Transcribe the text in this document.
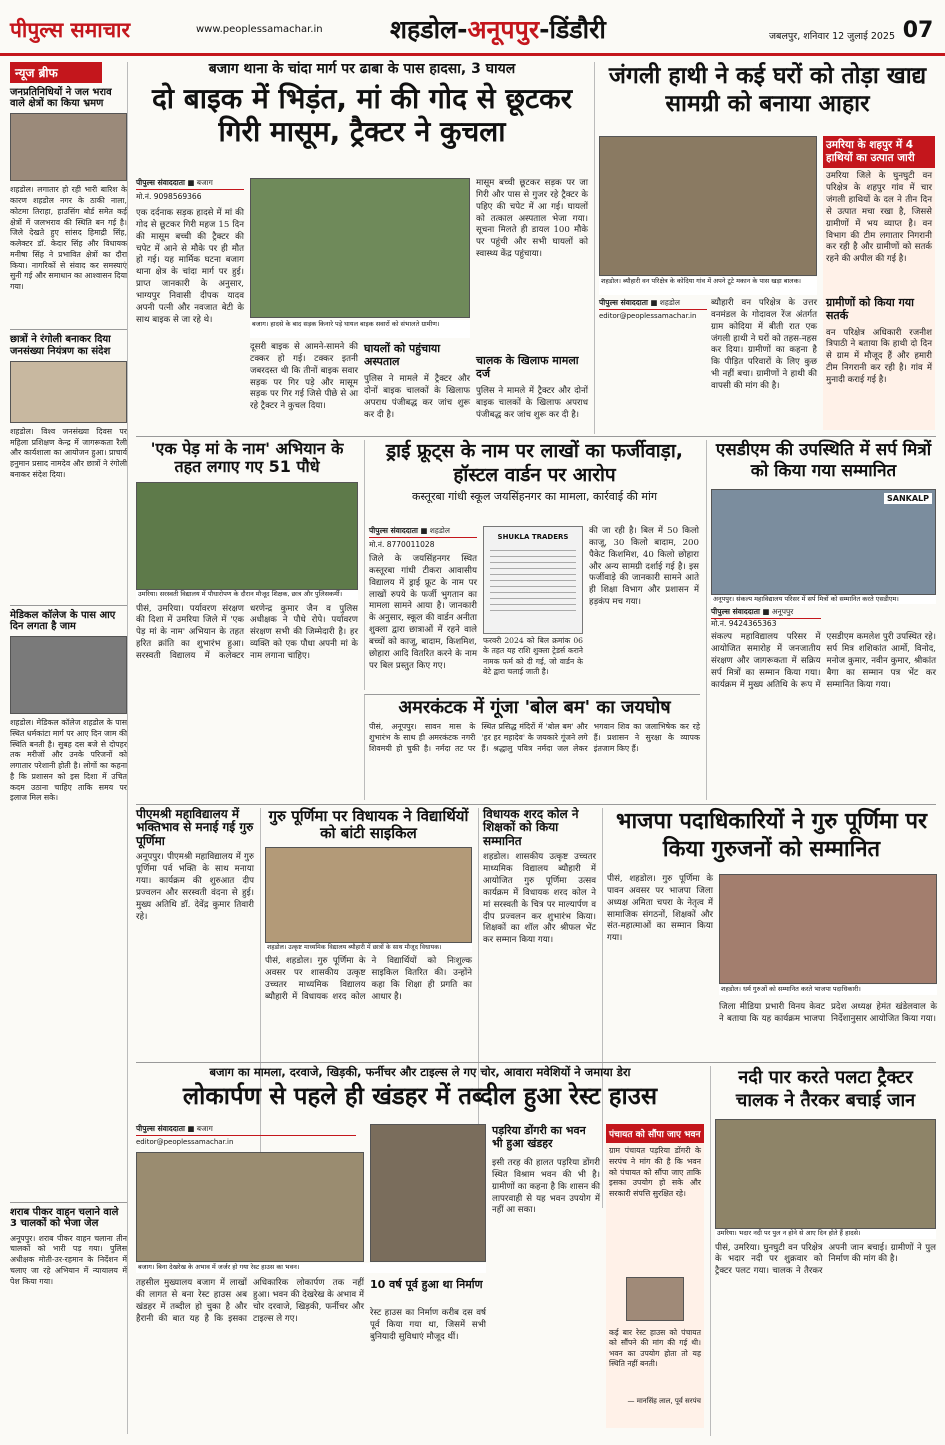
पीपुल्स समाचार	www.peoplessamachar.in	शहडोल-अनूपपुर-डिंडौरी	जबलपुर, शनिवार 12 जुलाई 2025 07
न्यूज ब्रीफ
जनप्रतिनिधियों ने जल भराव वाले क्षेत्रों का किया भ्रमण
शहडोल। लगातार हो रही भारी बारिश के कारण शहडोल नगर के ठाकी नाला, कोटमा तिराहा, हाउसिंग बोर्ड समेत कई क्षेत्रों में जलभराव की स्थिति बन गई है। जिले देखते हुए सांसद हिमाद्री सिंह, कलेक्टर डॉ. केदार सिंह और विधायक मनीषा सिंह ने प्रभावित क्षेत्रों का दौरा किया। नागरिकों से संवाद कर समस्याएं सुनी गई और समाधान का आश्वासन दिया गया।
छात्रों ने रंगोली बनाकर दिया जनसंख्या नियंत्रण का संदेश
शहडोल। विश्व जनसंख्या दिवस पर महिला प्रशिक्षण केन्द्र में जागरूकता रैली और कार्यशाला का आयोजन हुआ। प्राचार्य हनुमान प्रसाद नामदेव और छात्रों ने रंगोली बनाकर संदेश दिया।
मेडिकल कॉलेज के पास आए दिन लगता है जाम
शहडोल। मेडिकल कॉलेज शहडोल के पास स्थित धर्मकांटा मार्ग पर आए दिन जाम की स्थिति बनती है। सुबह दस बजे से दोपहर तक मरीजों और उनके परिजनों को लगातार परेशानी होती है। लोगों का कहना है कि प्रशासन को इस दिशा में उचित कदम उठाना चाहिए ताकि समय पर इलाज मिल सके।
शराब पीकर वाहन चलाने वाले 3 चालकों को भेजा जेल
अनूपपुर। शराब पीकर वाहन चलाना तीन चालकों को भारी पड़ गया। पुलिस अधीक्षक मोती-उर-रहमान के निर्देशन में चलाए जा रहे अभियान में न्यायालय में पेश किया गया।
बजाग थाना के चांदा मार्ग पर ढाबा के पास हादसा, 3 घायल
दो बाइक में भिड़ंत, मां की गोद से छूटकर गिरी मासूम, ट्रैक्टर ने कुचला
पीपुल्स संवाददाता ■ बजाग
मो.नं. 9098569366
एक दर्दनाक सड़क हादसे में मां की गोद से छूटकर गिरी महज 15 दिन की मासूम बच्ची की ट्रैक्टर की चपेट में आने से मौके पर ही मौत हो गई। यह मार्मिक घटना बजाग थाना क्षेत्र के चांदा मार्ग पर हुई। प्राप्त जानकारी के अनुसार, भाग्यपुर निवासी दीपक यादव अपनी पत्नी और नवजात बेटी के साथ बाइक से जा रहे थे।	बजाग। हादसे के बाद सड़क किनारे पड़े घायल बाइक सवारों को संभालते ग्रामीण।
दूसरी बाइक से आमने-सामने की टक्कर हो गई। टक्कर इतनी जबरदस्त थी कि तीनों बाइक सवार सड़क पर गिर पड़े और मासूम सड़क पर गिर गई जिसे पीछे से आ रहे ट्रैक्टर ने कुचल दिया।
घायलों को पहुंचाया अस्पताल
पुलिस ने मामले में ट्रैक्टर और दोनों बाइक चालकों के खिलाफ अपराध पंजीबद्ध कर जांच शुरू कर दी है।
मासूम बच्ची छूटकर सड़क पर जा गिरी और पास से गुजर रहे ट्रैक्टर के पहिए की चपेट में आ गई। घायलों को तत्काल अस्पताल भेजा गया। सूचना मिलते ही डायल 100 मौके पर पहुंची और सभी घायलों को स्वास्थ्य केंद्र पहुंचाया।
चालक के खिलाफ मामला दर्ज
पुलिस ने मामले में ट्रैक्टर और दोनों बाइक चालकों के खिलाफ अपराध पंजीबद्ध कर जांच शुरू कर दी है।
जंगली हाथी ने कई घरों को तोड़ा खाद्य सामग्री को बनाया आहार
शहडोल। ब्यौहारी वन परिक्षेत्र के कोदिया गांव में अपने टूटे मकान के पास खड़ा बालक।
पीपुल्स संवाददाता ■ शहडोल
editor@peoplessamachar.in
ब्यौहारी वन परिक्षेत्र के उत्तर वनमंडल के गोदावल रेंज अंतर्गत ग्राम कोदिया में बीती रात एक जंगली हाथी ने घरों को तहस-नहस कर दिया। ग्रामीणों का कहना है कि पीड़ित परिवारों के लिए कुछ भी नहीं बचा। ग्रामीणों ने हाथी की वापसी की मांग की है।
उमरिया के शहपुर में 4 हाथियों का उत्पात जारी
उमरिया जिले के घुनघुटी वन परिक्षेत्र के शहपुर गांव में चार जंगली हाथियों के दल ने तीन दिन से उत्पात मचा रखा है, जिससे ग्रामीणों में भय व्याप्त है। वन विभाग की टीम लगातार निगरानी कर रही है और ग्रामीणों को सतर्क रहने की अपील की गई है।
ग्रामीणों को किया गया सतर्क
वन परिक्षेत्र अधिकारी रजनीश त्रिपाठी ने बताया कि हाथी दो दिन से ग्राम में मौजूद हैं और हमारी टीम निगरानी कर रही है। गांव में मुनादी कराई गई है।
'एक पेड़ मां के नाम' अभियान के तहत लगाए गए 51 पौधे
उमरिया। सरस्वती विद्यालय में पौधारोपण के दौरान मौजूद शिक्षक, छात्र और पुलिसकर्मी।
पीसं, उमरिया। पर्यावरण संरक्षण की दिशा में उमरिया जिले में 'एक पेड़ मां के नाम' अभियान के तहत हरित क्रांति का शुभारंभ हुआ। सरस्वती विद्यालय में कलेक्टर धरणेन्द्र कुमार जैन व पुलिस अधीक्षक ने पौधे रोपे। पर्यावरण संरक्षण सभी की जिम्मेदारी है। हर व्यक्ति को एक पौधा अपनी मां के नाम लगाना चाहिए।
ड्राई फ्रूट्स के नाम पर लाखों का फर्जीवाड़ा, हॉस्टल वार्डन पर आरोप
कस्तूरबा गांधी स्कूल जयसिंहनगर का मामला, कार्रवाई की मांग
पीपुल्स संवाददाता ■ शहडोल
मो.नं. 8770011028
जिले के जयसिंहनगर स्थित कस्तूरबा गांधी टीकरा आवासीय विद्यालय में ड्राई फ्रूट के नाम पर लाखों रुपये के फर्जी भुगतान का मामला सामने आया है। जानकारी के अनुसार, स्कूल की वार्डन अनीता शुक्ला द्वारा छात्राओं में रहने वाले बच्चों को काजू, बादाम, किशमिश, छोहारा आदि वितरित करने के नाम पर बिल प्रस्तुत किए गए।
SHUKLA TRADERS
फरवरी 2024 को बिल क्रमांक 06 के तहत यह राशि शुक्ला ट्रेडर्स कराने नामक फर्म को दी गई, जो वार्डन के बेटे द्वारा चलाई जाती है।
की जा रही है। बिल में 50 किलो काजू, 30 किलो बादाम, 200 पैकेट किशमिश, 40 किलो छोहारा और अन्य सामग्री दर्शाई गई है। इस फर्जीवाड़े की जानकारी सामने आते ही शिक्षा विभाग और प्रशासन में हड़कंप मच गया।
एसडीएम की उपस्थिति में सर्प मित्रों को किया गया सम्मानित
SANKALP
अनूपपुर। संकल्प महाविद्यालय परिसर में सर्प मित्रों को सम्मानित करते एसडीएम।
पीपुल्स संवाददाता ■ अनूपपुर
मो.नं. 9424365363
संकल्प महाविद्यालय परिसर में आयोजित समारोह में जनजातीय संरक्षण और जागरूकता में सक्रिय सर्प मित्रों का सम्मान किया गया। कार्यक्रम में मुख्य अतिथि के रूप में एसडीएम कमलेश पुरी उपस्थित रहे। सर्प मित्र शशिकांत आर्मो, विनोद, मनोज कुमार, नवीन कुमार, श्रीकांत बैगा का सम्मान पत्र भेंट कर सम्मानित किया गया।
अमरकंटक में गूंजा 'बोल बम' का जयघोष
पीसं, अनूपपुर। सावन मास के शुभारंभ के साथ ही अमरकंटक नगरी शिवमयी हो चुकी है। नर्मदा तट पर स्थित प्रसिद्ध मंदिरों में 'बोल बम' और 'हर हर महादेव' के जयकारे गूंजने लगे हैं। श्रद्धालु पवित्र नर्मदा जल लेकर भगवान शिव का जलाभिषेक कर रहे हैं। प्रशासन ने सुरक्षा के व्यापक इंतजाम किए हैं।
पीएमश्री महाविद्यालय में भक्तिभाव से मनाई गई गुरु पूर्णिमा
अनूपपुर। पीएमश्री महाविद्यालय में गुरु पूर्णिमा पर्व भक्ति के साथ मनाया गया। कार्यक्रम की शुरुआत दीप प्रज्वलन और सरस्वती वंदना से हुई। मुख्य अतिथि डॉ. देवेंद्र कुमार तिवारी रहे।
गुरु पूर्णिमा पर विधायक ने विद्यार्थियों को बांटी साइकिल
शहडोल। उत्कृष्ट माध्यमिक विद्यालय ब्यौहारी में छात्रों के साथ मौजूद विधायक।
पीसं, शहडोल। गुरु पूर्णिमा के अवसर पर शासकीय उत्कृष्ट उच्चतर माध्यमिक विद्यालय ब्यौहारी में विधायक शरद कोल ने विद्यार्थियों को निःशुल्क साइकिल वितरित की। उन्होंने कहा कि शिक्षा ही प्रगति का आधार है।
विधायक शरद कोल ने शिक्षकों को किया सम्मानित
शहडोल। शासकीय उत्कृष्ट उच्चतर माध्यमिक विद्यालय ब्यौहारी में आयोजित गुरु पूर्णिमा उत्सव कार्यक्रम में विधायक शरद कोल ने मां सरस्वती के चित्र पर माल्यार्पण व दीप प्रज्वलन कर शुभारंभ किया। शिक्षकों का शॉल और श्रीफल भेंट कर सम्मान किया गया।
भाजपा पदाधिकारियों ने गुरु पूर्णिमा पर किया गुरुजनों को सम्मानित
पीसं, शहडोल। गुरु पूर्णिमा के पावन अवसर पर भाजपा जिला अध्यक्ष अमिता चपरा के नेतृत्व में सामाजिक संगठनों, शिक्षकों और संत-महात्माओं का सम्मान किया गया।
शहडोल। धर्म गुरुओं को सम्मानित करते भाजपा पदाधिकारी।
जिला मीडिया प्रभारी विनय केवट ने बताया कि यह कार्यक्रम भाजपा प्रदेश अध्यक्ष हेमंत खंडेलवाल के निर्देशानुसार आयोजित किया गया।
बजाग का मामला, दरवाजे, खिड़की, फर्नीचर और टाइल्स ले गए चोर, आवारा मवेशियों ने जमाया डेरा
लोकार्पण से पहले ही खंडहर में तब्दील हुआ रेस्ट हाउस
पीपुल्स संवाददाता ■ बजाग
editor@peoplessamachar.in
बजाग। बिना देखरेख के अभाव में जर्जर हो गया रेस्ट हाउस का भवन।
तहसील मुख्यालय बजाग में लाखों की लागत से बना रेस्ट हाउस अब खंडहर में तब्दील हो चुका है और हैरानी की बात यह है कि इसका अधिकारिक लोकार्पण तक नहीं हुआ। भवन की देखरेख के अभाव में चोर दरवाजे, खिड़की, फर्नीचर और टाइल्स ले गए।
10 वर्ष पूर्व हुआ था निर्माण
रेस्ट हाउस का निर्माण करीब दस वर्ष पूर्व किया गया था, जिसमें सभी बुनियादी सुविधाएं मौजूद थीं।
पड़रिया डोंगरी का भवन भी हुआ खंडहर
इसी तरह की हालत पड़रिया डोंगरी स्थित विश्राम भवन की भी है। ग्रामीणों का कहना है कि शासन की लापरवाही से यह भवन उपयोग में नहीं आ सका।
पंचायत को सौंपा जाए भवन
ग्राम पंचायत पड़रिया डोंगरी के सरपंच ने मांग की है कि भवन को पंचायत को सौंपा जाए ताकि इसका उपयोग हो सके और सरकारी संपत्ति सुरक्षित रहे।
कई बार रेस्ट हाउस को पंचायत को सौंपने की मांग की गई थी। भवन का उपयोग होता तो यह स्थिति नहीं बनती।
— मानसिंह लाल, पूर्व सरपंच
नदी पार करते पलटा ट्रैक्टर चालक ने तैरकर बचाई जान
उमरिया। भदार नदी पर पुल न होने से आए दिन होते हैं हादसे।
पीसं, उमरिया। घुनघुटी वन परिक्षेत्र के भदार नदी पर शुक्रवार को ट्रैक्टर पलट गया। चालक ने तैरकर अपनी जान बचाई। ग्रामीणों ने पुल निर्माण की मांग की है।
